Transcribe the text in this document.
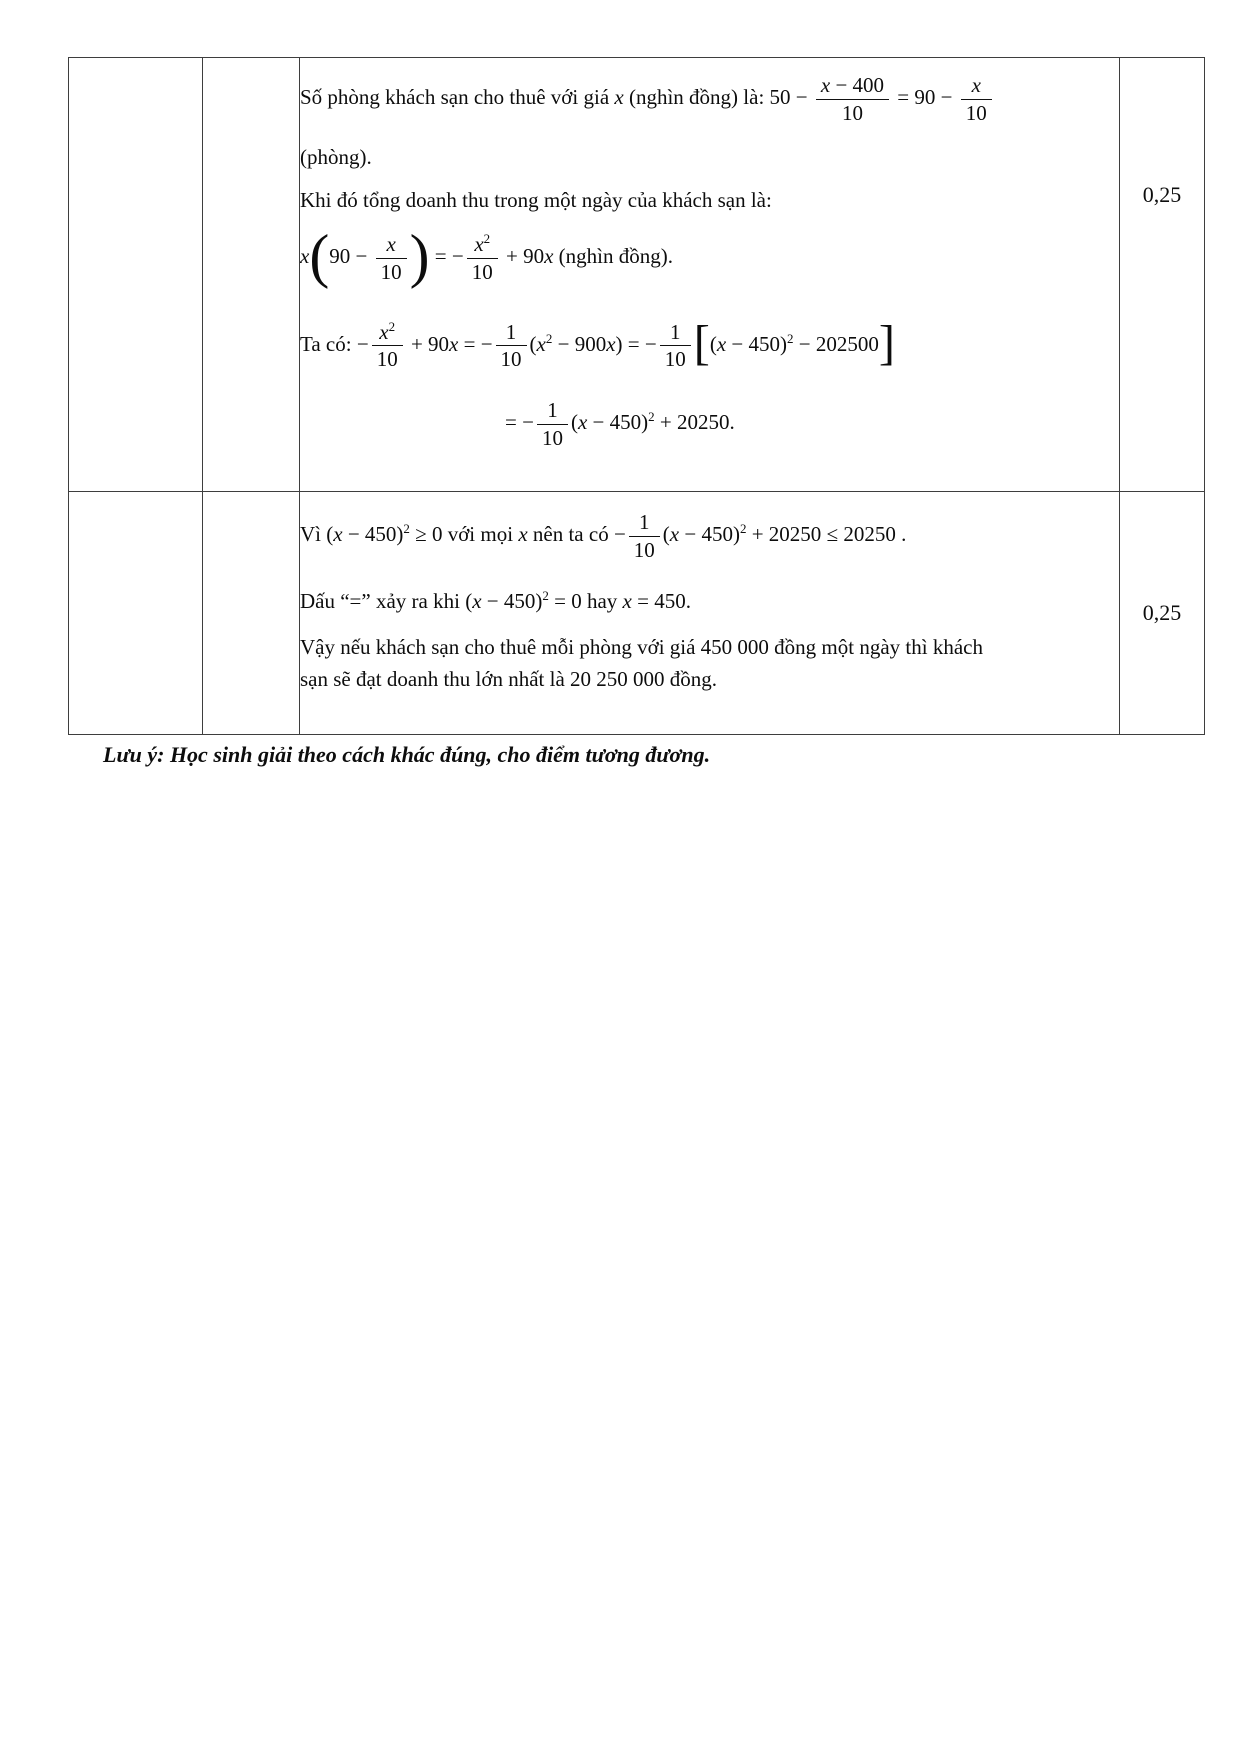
Số phòng khách sạn cho thuê với giá x (nghìn đồng) là: $50 - \frac{x - 400}{10} = 90 - \frac{x}{10}$
(phòng).
Khi đó tổng doanh thu trong một ngày của khách sạn là:
$x(90 - \frac{x}{10}$ ) = − $\frac{x^2}{10} + 90x$ (nghìn đồng).
Ta có: − $\frac{x^2}{10} + 90x$ = − $\frac{1}{10} (x^2 - 900x)$ = − $\frac{1}{10} [(x - 450)^2 - 202500]$
= − $\frac{1}{10} (x - 450)^2 + 20250$.

0,25

Vì $(x - 450)^2 \ge 0$ với mọi x nên ta có − $\frac{1}{10} (x - 450)^2 + 20250 \le 20250$ .
Dấu “=” xảy ra khi $(x - 450)^2 = 0$ hay x = 450.
Vậy nếu khách sạn cho thuê mỗi phòng với giá 450 000 đồng một ngày thì khách
sạn sẽ đạt doanh thu lớn nhất là 20 250 000 đồng.

0,25
Lưu ý: Học sinh giải theo cách khác đúng, cho điểm tương đương.
